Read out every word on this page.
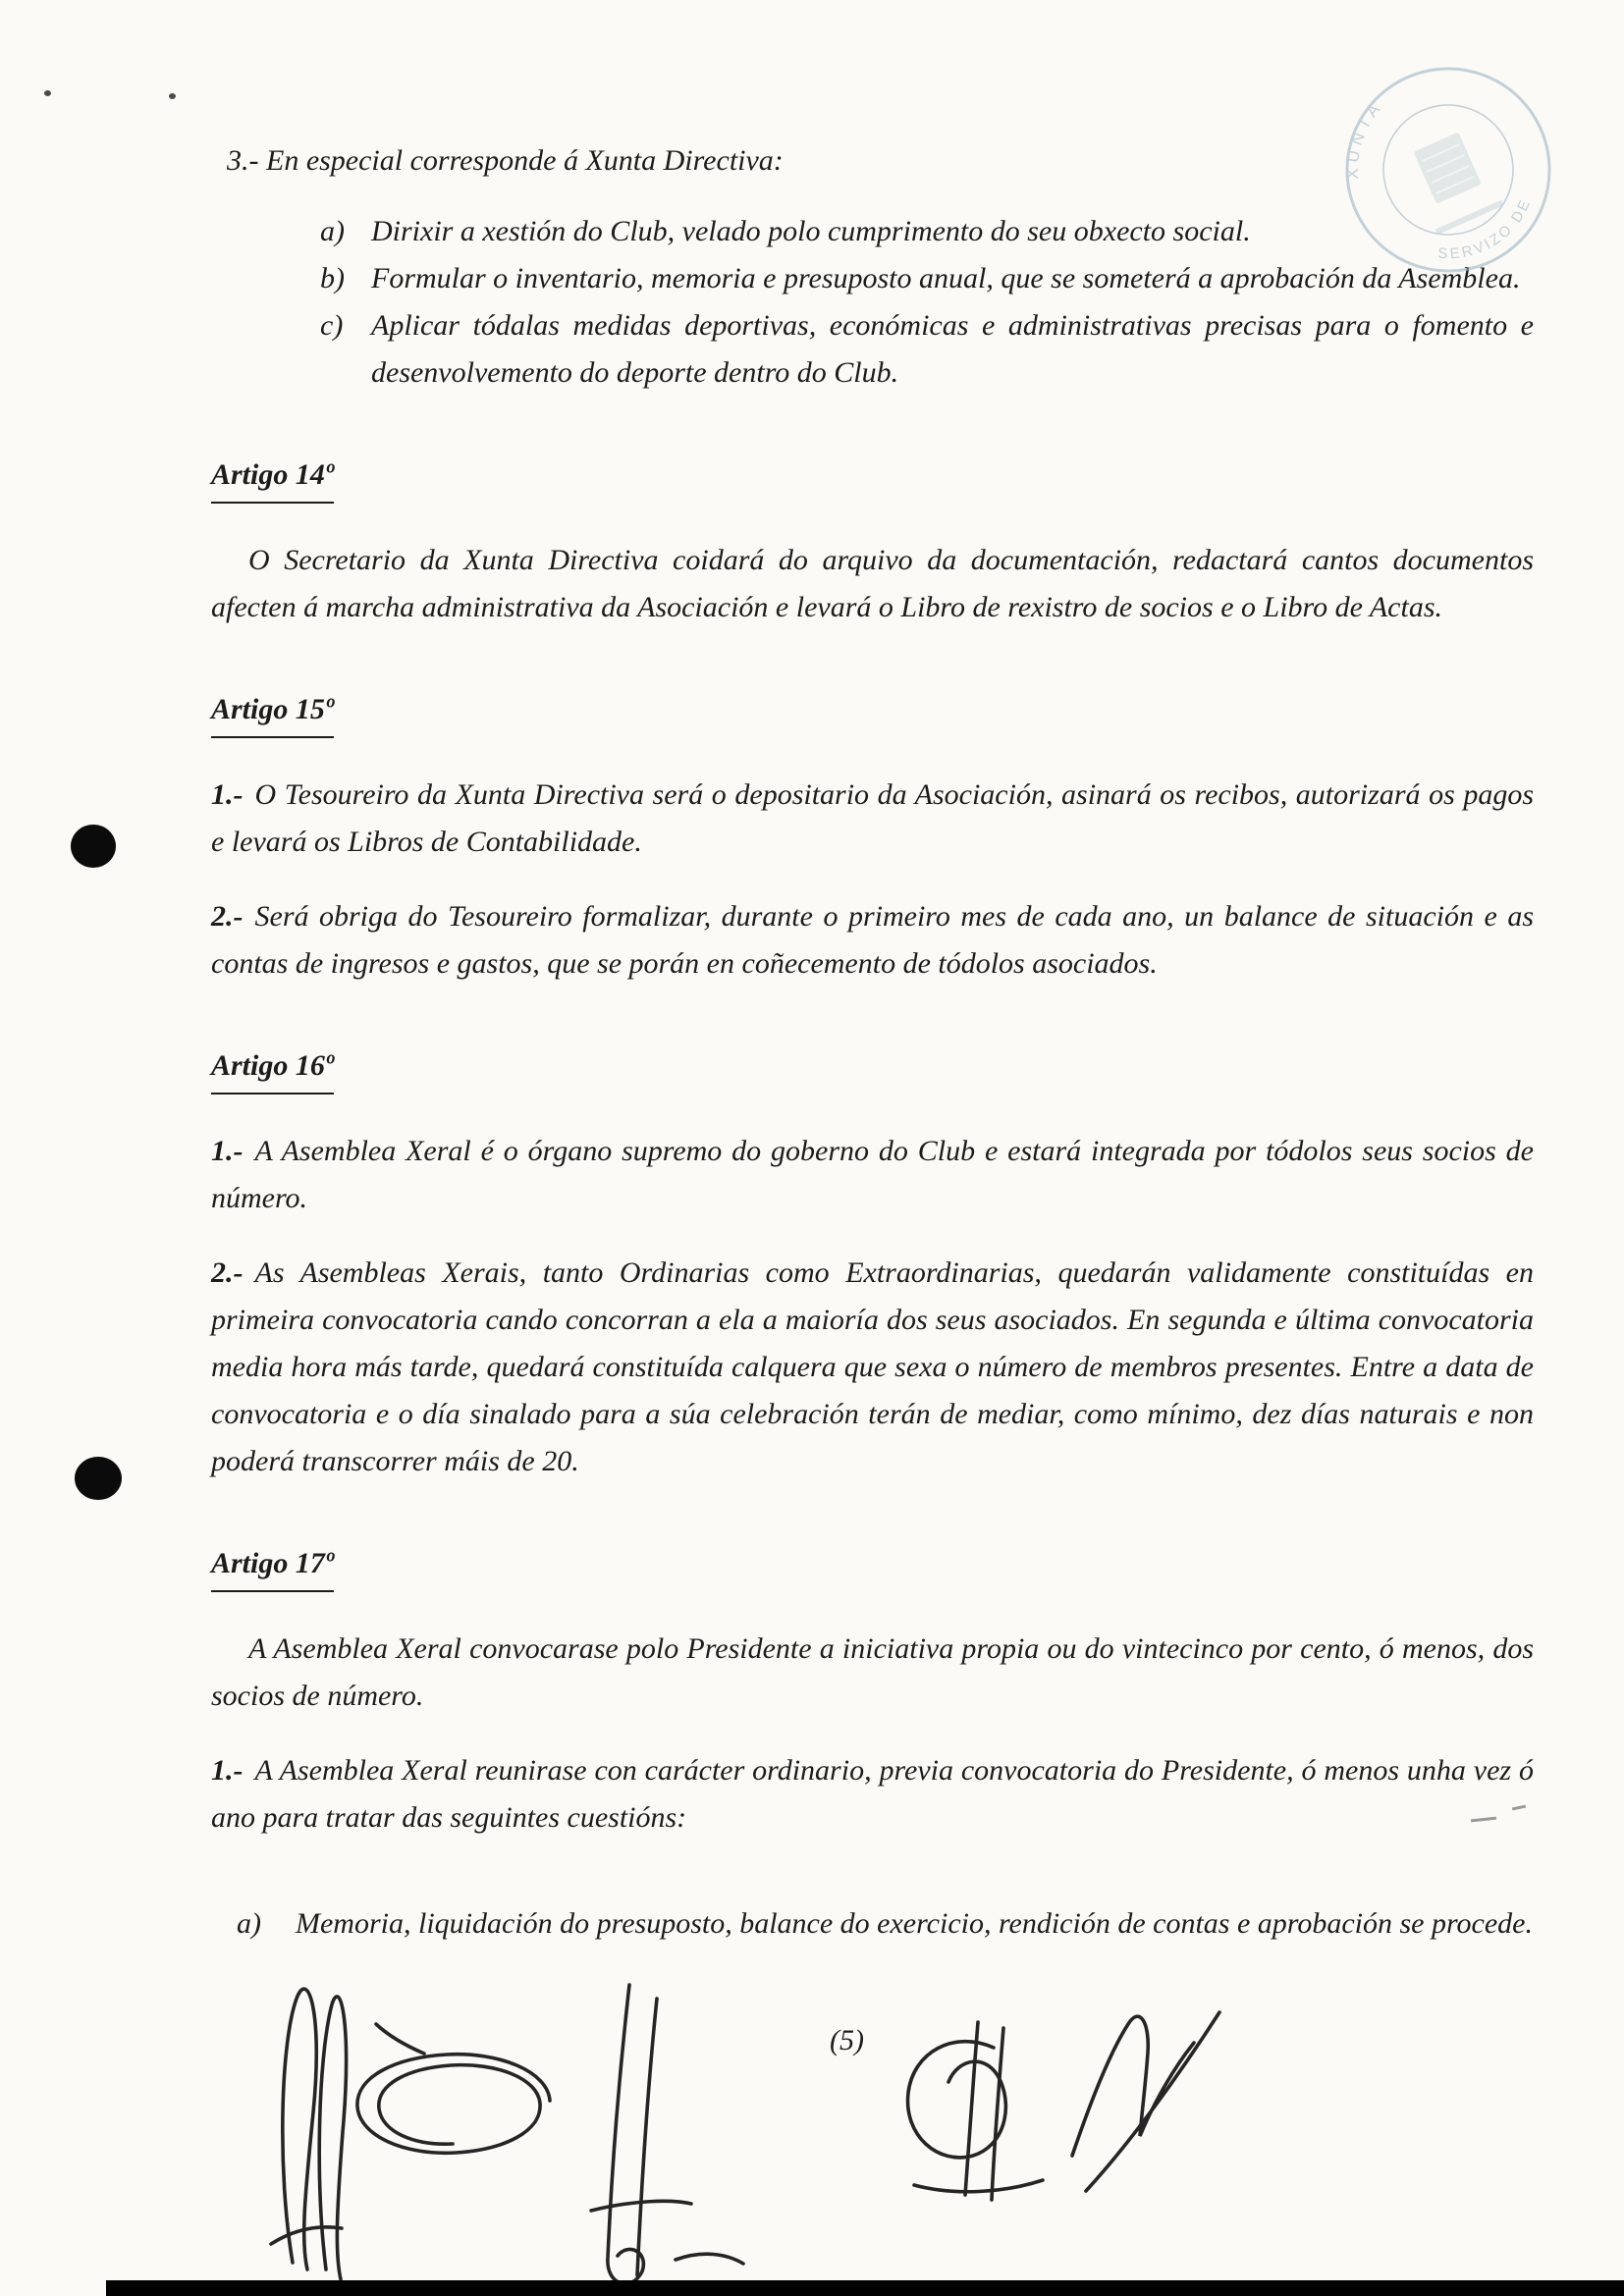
3.- En especial corresponde á Xunta Directiva:

a) Dirixir a xestión do Club, velado polo cumprimento do seu obxecto social.
b) Formular o inventario, memoria e presuposto anual, que se someterá a aprobación da Asemblea.
c) Aplicar tódalas medidas deportivas, económicas e administrativas precisas para o fomento e desenvolvemento do deporte dentro do Club.
Artigo 14º

O Secretario da Xunta Directiva coidará do arquivo da documentación, redactará cantos documentos afecten á marcha administrativa da Asociación e levará o Libro de rexistro de socios e o Libro de Actas.

Artigo 15º

1.- O Tesoureiro da Xunta Directiva será o depositario da Asociación, asinará os recibos, autorizará os pagos e levará os Libros de Contabilidade.

2.- Será obriga do Tesoureiro formalizar, durante o primeiro mes de cada ano, un balance de situación e as contas de ingresos e gastos, que se porán en coñecemento de tódolos asociados.

Artigo 16º

1.- A Asemblea Xeral é o órgano supremo do goberno do Club e estará integrada por tódolos seus socios de número.

2.- As Asembleas Xerais, tanto Ordinarias como Extraordinarias, quedarán validamente constituídas en primeira convocatoria cando concorran a ela a maioría dos seus asociados. En segunda e última convocatoria media hora más tarde, quedará constituída calquera que sexa o número de membros presentes. Entre a data de convocatoria e o día sinalado para a súa celebración terán de mediar, como mínimo, dez días naturais e non poderá transcorrer máis de 20.

Artigo 17º

A Asemblea Xeral convocarase polo Presidente a iniciativa propia ou do vintecinco por cento, ó menos, dos socios de número.

1.- A Asemblea Xeral reunirase con carácter ordinario, previa convocatoria do Presidente, ó menos unha vez ó ano para tratar das seguintes cuestións:

a)	Memoria, liquidación do presuposto, balance do exercicio, rendición de contas e aprobación se procede.
(5)
XUNTA
SERVIZO DE
